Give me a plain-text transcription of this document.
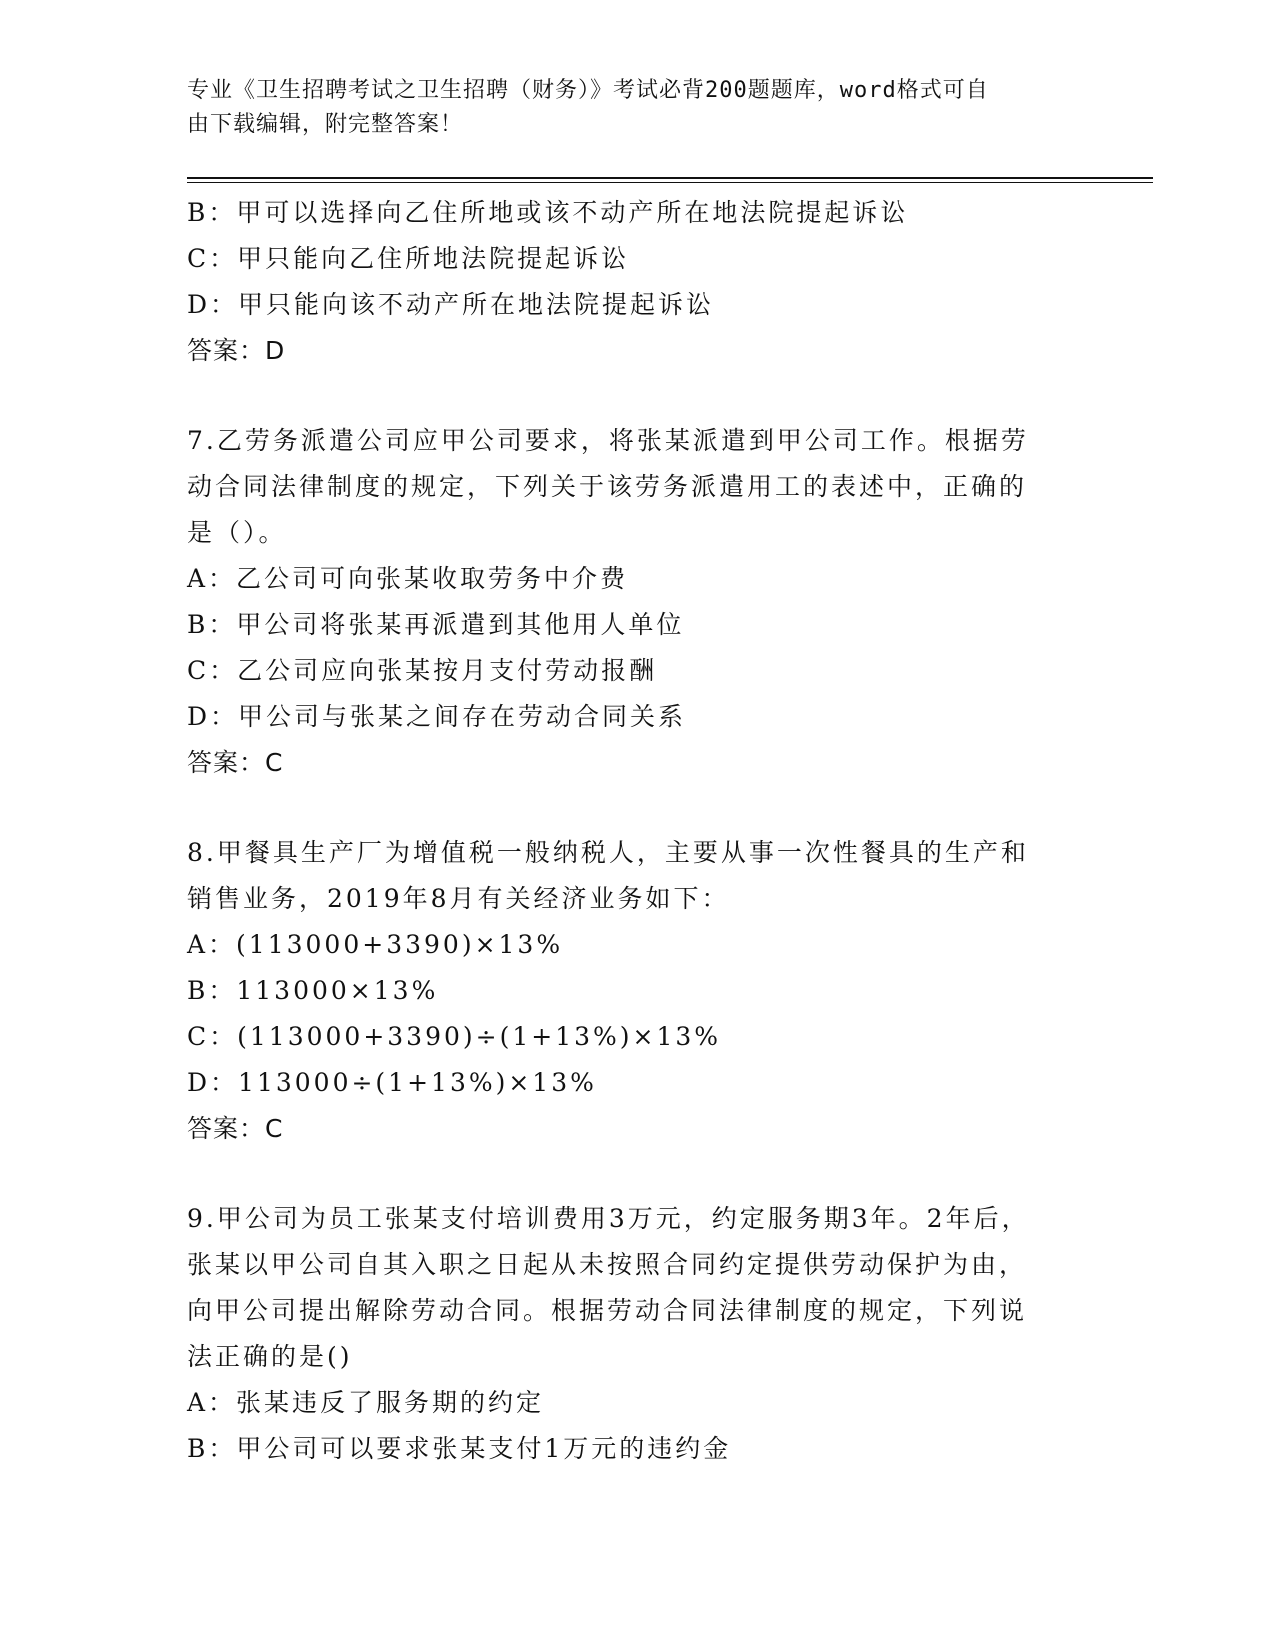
专业《卫生招聘考试之卫生招聘（财务）》考试必背200题题库，word格式可自
由下载编辑，附完整答案！
B：甲可以选择向乙住所地或该不动产所在地法院提起诉讼
C：甲只能向乙住所地法院提起诉讼
D：甲只能向该不动产所在地法院提起诉讼
答案：D
7.乙劳务派遣公司应甲公司要求，将张某派遣到甲公司工作。根据劳
动合同法律制度的规定，下列关于该劳务派遣用工的表述中，正确的
是（）。
A：乙公司可向张某收取劳务中介费
B：甲公司将张某再派遣到其他用人单位
C：乙公司应向张某按月支付劳动报酬
D：甲公司与张某之间存在劳动合同关系
答案：C
8.甲餐具生产厂为增值税一般纳税人，主要从事一次性餐具的生产和
销售业务，2019年8月有关经济业务如下：
A：(113000+3390)×13%
B：113000×13%
C：(113000+3390)÷(1+13%)×13%
D：113000÷(1+13%)×13%
答案：C
9.甲公司为员工张某支付培训费用3万元，约定服务期3年。2年后，
张某以甲公司自其入职之日起从未按照合同约定提供劳动保护为由，
向甲公司提出解除劳动合同。根据劳动合同法律制度的规定，下列说
法正确的是()
A：张某违反了服务期的约定
B：甲公司可以要求张某支付1万元的违约金
